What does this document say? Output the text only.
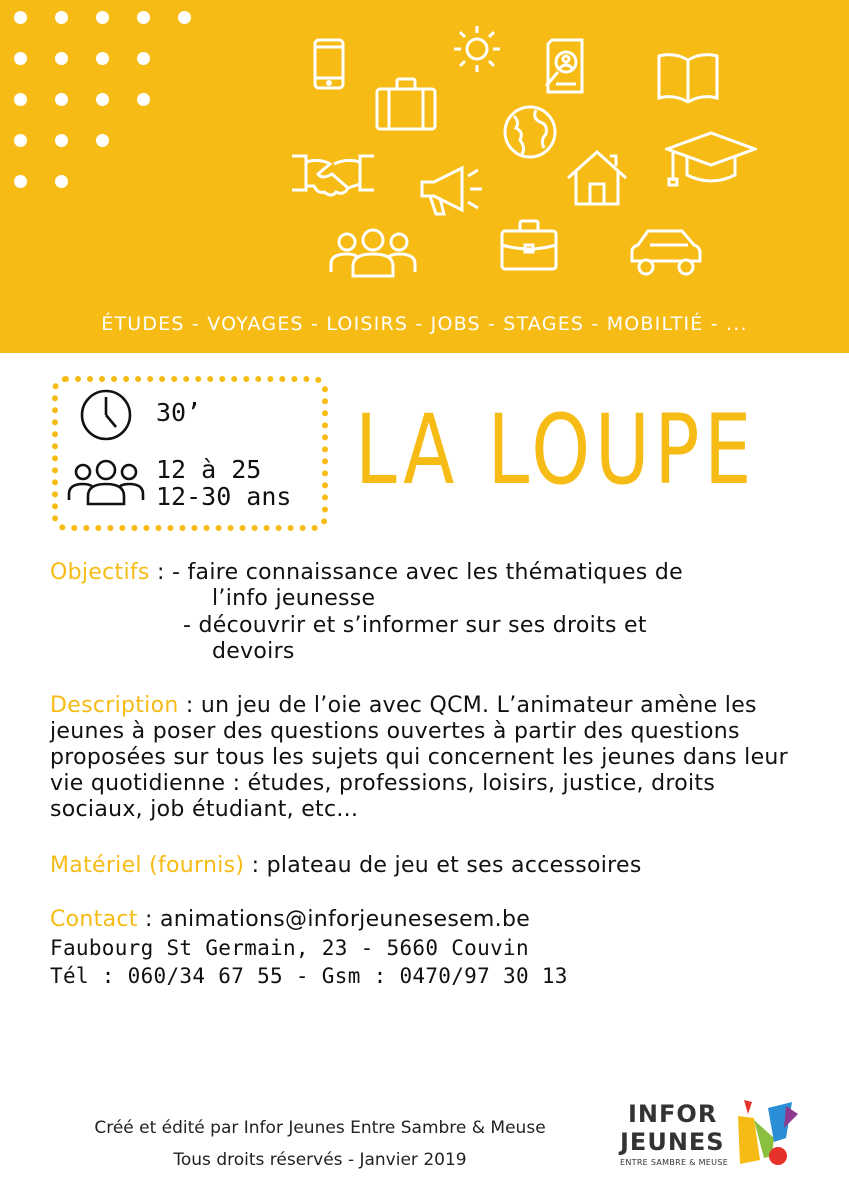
ÉTUDES - VOYAGES - LOISIRS - JOBS - STAGES - MOBILTIÉ - ...
30’
12 à 25
12-30 ans LA LOUPE
Objectifs : - faire connaissance avec les thématiques de
l’info jeunesse
- découvrir et s’informer sur ses droits et
devoirs
Description : un jeu de l’oie avec QCM. L’animateur amène les jeunes à poser des questions ouvertes à partir des questions proposées sur tous les sujets qui concernent les jeunes dans leur vie quotidienne : études, professions, loisirs, justice, droits sociaux, job étudiant, etc...
Matériel (fournis) : plateau de jeu et ses accessoires
Contact : animations@inforjeunesesem.be
Faubourg St Germain, 23 - 5660 Couvin
Tél : 060/34 67 55 - Gsm : 0470/97 30 13
Créé et édité par Infor Jeunes Entre Sambre & Meuse
Tous droits réservés - Janvier 2019
INFOR
JEUNES
ENTRE SAMBRE & MEUSE
